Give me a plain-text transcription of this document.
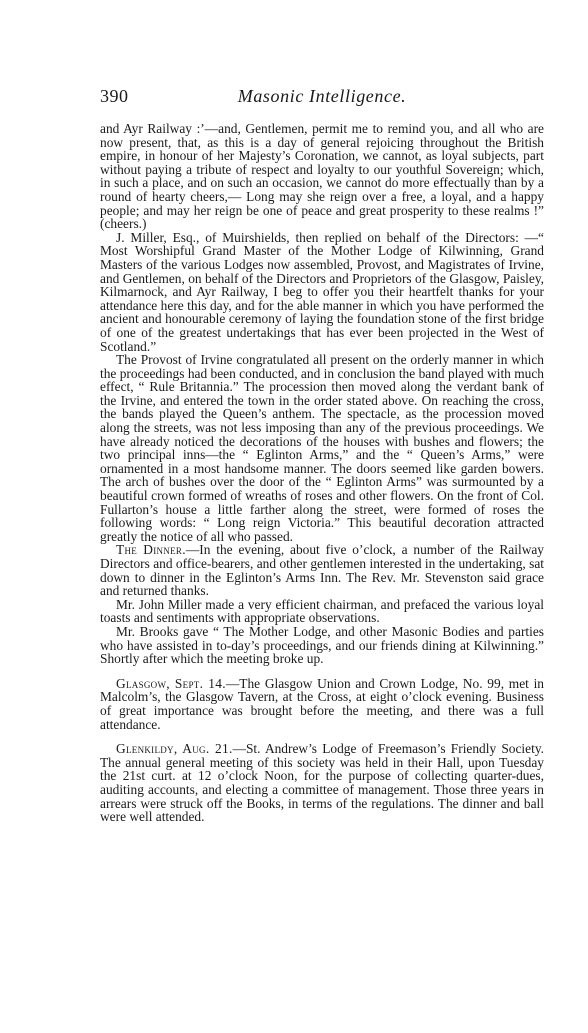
390	Masonic Intelligence.

and Ayr Railway :’—and, Gentlemen, permit me to remind you, and all who are now present, that, as this is a day of general rejoicing throughout the British empire, in honour of her Majesty’s Coronation, we cannot, as loyal subjects, part without paying a tribute of respect and loyalty to our youthful Sovereign; which, in such a place, and on such an occasion, we cannot do more effectually than by a round of hearty cheers,— Long may she reign over a free, a loyal, and a happy people; and may her reign be one of peace and great prosperity to these realms !” (cheers.)

J. Miller, Esq., of Muirshields, then replied on behalf of the Directors: —“ Most Worshipful Grand Master of the Mother Lodge of Kilwinning, Grand Masters of the various Lodges now assembled, Provost, and Magistrates of Irvine, and Gentlemen, on behalf of the Directors and Proprietors of the Glasgow, Paisley, Kilmarnock, and Ayr Railway, I beg to offer you their heartfelt thanks for your attendance here this day, and for the able manner in which you have performed the ancient and honourable ceremony of laying the foundation stone of the first bridge of one of the greatest undertakings that has ever been projected in the West of Scotland.”

The Provost of Irvine congratulated all present on the orderly manner in which the proceedings had been conducted, and in conclusion the band played with much effect, “ Rule Britannia.” The procession then moved along the verdant bank of the Irvine, and entered the town in the order stated above. On reaching the cross, the bands played the Queen’s anthem. The spectacle, as the procession moved along the streets, was not less imposing than any of the previous proceedings. We have already noticed the decorations of the houses with bushes and flowers; the two principal inns—the “ Eglinton Arms,” and the “ Queen’s Arms,” were ornamented in a most handsome manner. The doors seemed like garden bowers. The arch of bushes over the door of the “ Eglinton Arms” was surmounted by a beautiful crown formed of wreaths of roses and other flowers. On the front of Col. Fullarton’s house a little farther along the street, were formed of roses the following words: “ Long reign Victoria.” This beautiful decoration attracted greatly the notice of all who passed.

The Dinner.—In the evening, about five o’clock, a number of the Railway Directors and office-bearers, and other gentlemen interested in the undertaking, sat down to dinner in the Eglinton’s Arms Inn. The Rev. Mr. Stevenston said grace and returned thanks.

Mr. John Miller made a very efficient chairman, and prefaced the various loyal toasts and sentiments with appropriate observations.

Mr. Brooks gave “ The Mother Lodge, and other Masonic Bodies and parties who have assisted in to-day’s proceedings, and our friends dining at Kilwinning.” Shortly after which the meeting broke up.

Glasgow, Sept. 14.—The Glasgow Union and Crown Lodge, No. 99, met in Malcolm’s, the Glasgow Tavern, at the Cross, at eight o’clock evening. Business of great importance was brought before the meeting, and there was a full attendance.

Glenkildy, Aug. 21.—St. Andrew’s Lodge of Freemason’s Friendly Society. The annual general meeting of this society was held in their Hall, upon Tuesday the 21st curt. at 12 o’clock Noon, for the purpose of collecting quarter-dues, auditing accounts, and electing a committee of management. Those three years in arrears were struck off the Books, in terms of the regulations. The dinner and ball were well attended.
